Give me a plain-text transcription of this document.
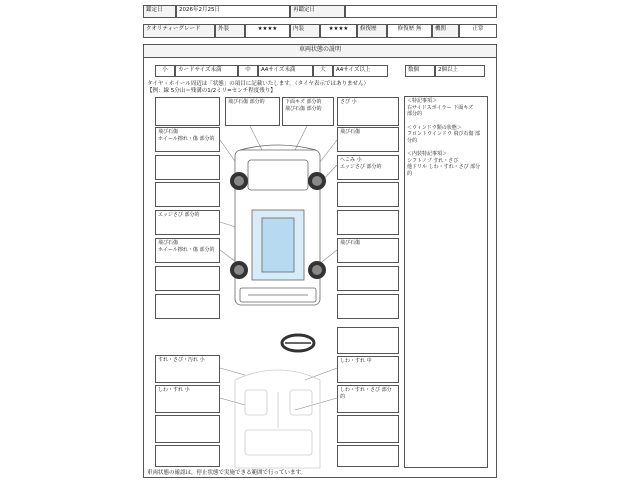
鑑定日	2026年2月25日	再鑑定日
クオリティーグレード	外装	★★★★	内装	★★★★	修復歴	修復歴 無	機関	正常
車両状態の説明
小	カードサイズ未満	中	A4サイズ未満	大	A4サイズ以上	数個	2個以上
タイヤ・ホイール周辺は「状態」の項目に記載いたします。（タイヤ表示ではありません）
【例：線 5分山＝残溝の1/2ミリ=センチ程度残り】
＜特記事項＞
右サイドスポイラー 下面キズ
部分的
＜ウィンドウ類の状態＞
フロントウインドウ 飛び石傷 部分的
＜内装特記事項＞
シフトノブ すれ・さび
他ドリル しわ・すれ・さび 部分的
飛び石傷 部分的	下面キズ 部分的
飛び石傷 部分的
さび 小
飛び石傷
ホイール擦れ・傷 部分的
エッジさび 部分的
飛び石傷
ホイール擦れ・傷 部分的
飛び石傷
へこみ 小
エッジさび 部分的
飛び石傷
すれ・さび・汚れ 小
しわ・すれ 小
しわ・すれ 中
しわ・すれ・さび 部分的
車両状態の確認は，停止状態で実施できる範囲で行っています。
